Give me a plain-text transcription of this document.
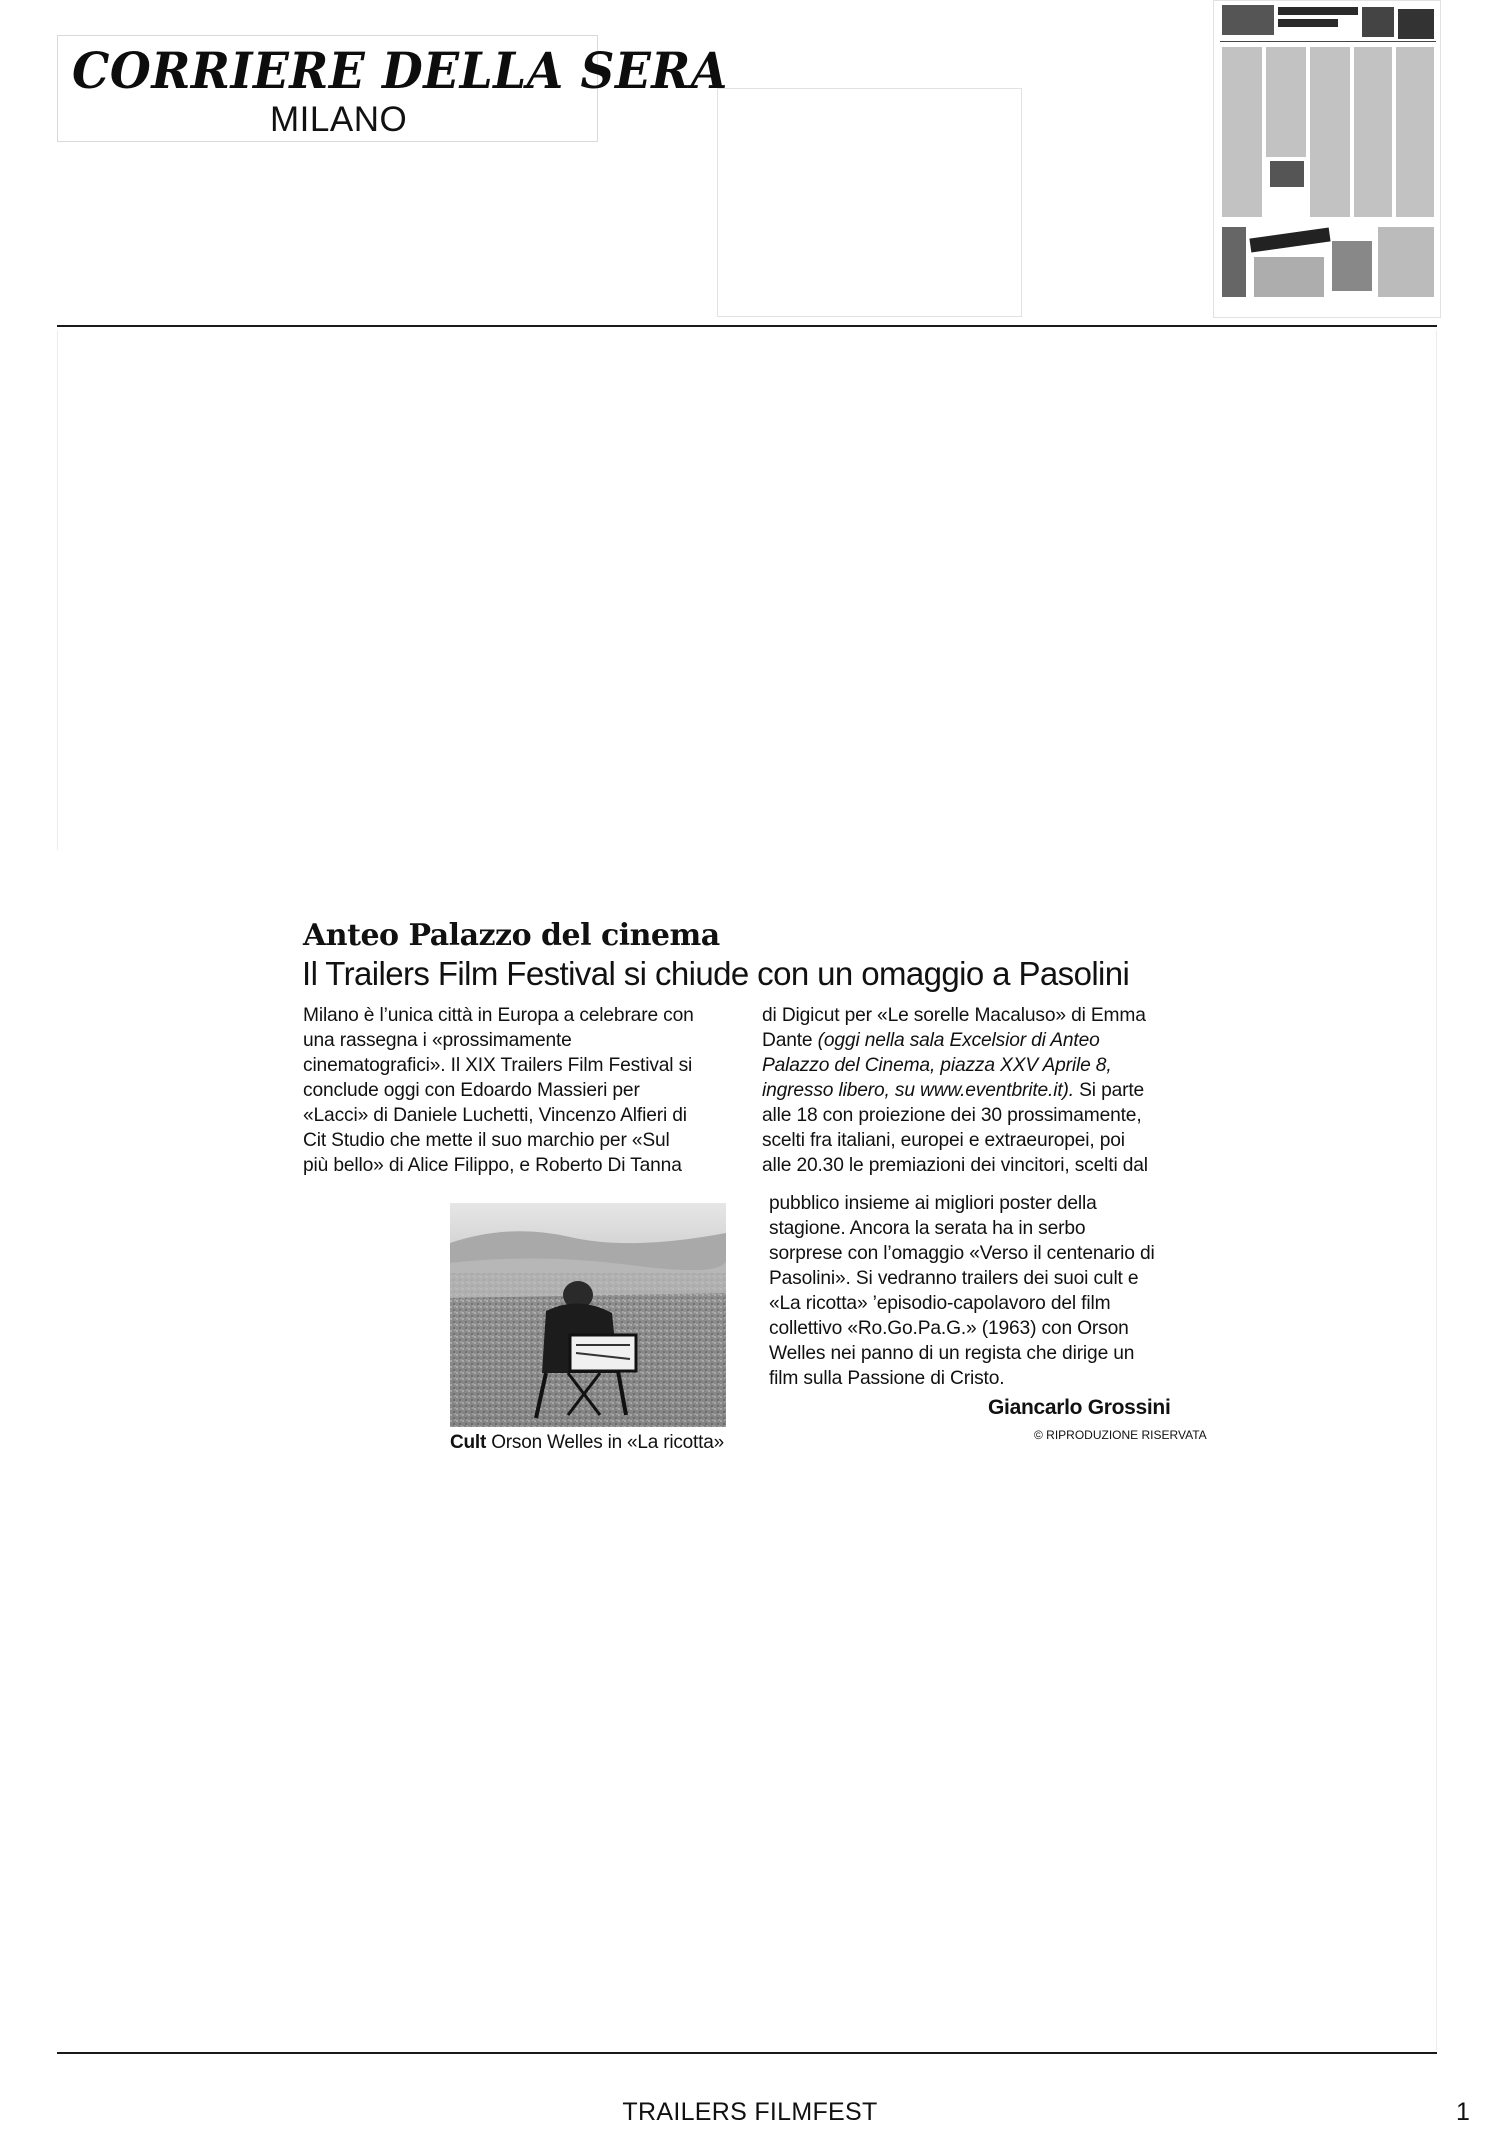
CORRIERE DELLA SERA
MILANO
Anteo Palazzo del cinema
Il Trailers Film Festival si chiude con un omaggio a Pasolini
Milano è l’unica città in Europa a celebrare con
una rassegna i «prossimamente
cinematografici». Il XIX Trailers Film Festival si
conclude oggi con Edoardo Massieri per
«Lacci» di Daniele Luchetti, Vincenzo Alfieri di
Cit Studio che mette il suo marchio per «Sul
più bello» di Alice Filippo, e Roberto Di Tanna
di Digicut per «Le sorelle Macaluso» di Emma
Dante (oggi nella sala Excelsior di Anteo
Palazzo del Cinema, piazza XXV Aprile 8,
ingresso libero, su www.eventbrite.it). Si parte
alle 18 con proiezione dei 30 prossimamente,
scelti fra italiani, europei e extraeuropei, poi
alle 20.30 le premiazioni dei vincitori, scelti dal
Cult Orson Welles in «La ricotta»
pubblico insieme ai migliori poster della
stagione. Ancora la serata ha in serbo
sorprese con l’omaggio «Verso il centenario di
Pasolini». Si vedranno trailers dei suoi cult e
«La ricotta» ’episodio-capolavoro del film
collettivo «Ro.Go.Pa.G.» (1963) con Orson
Welles nei panno di un regista che dirige un
film sulla Passione di Cristo.
Giancarlo Grossini
© RIPRODUZIONE RISERVATA
TRAILERS FILMFEST	1
